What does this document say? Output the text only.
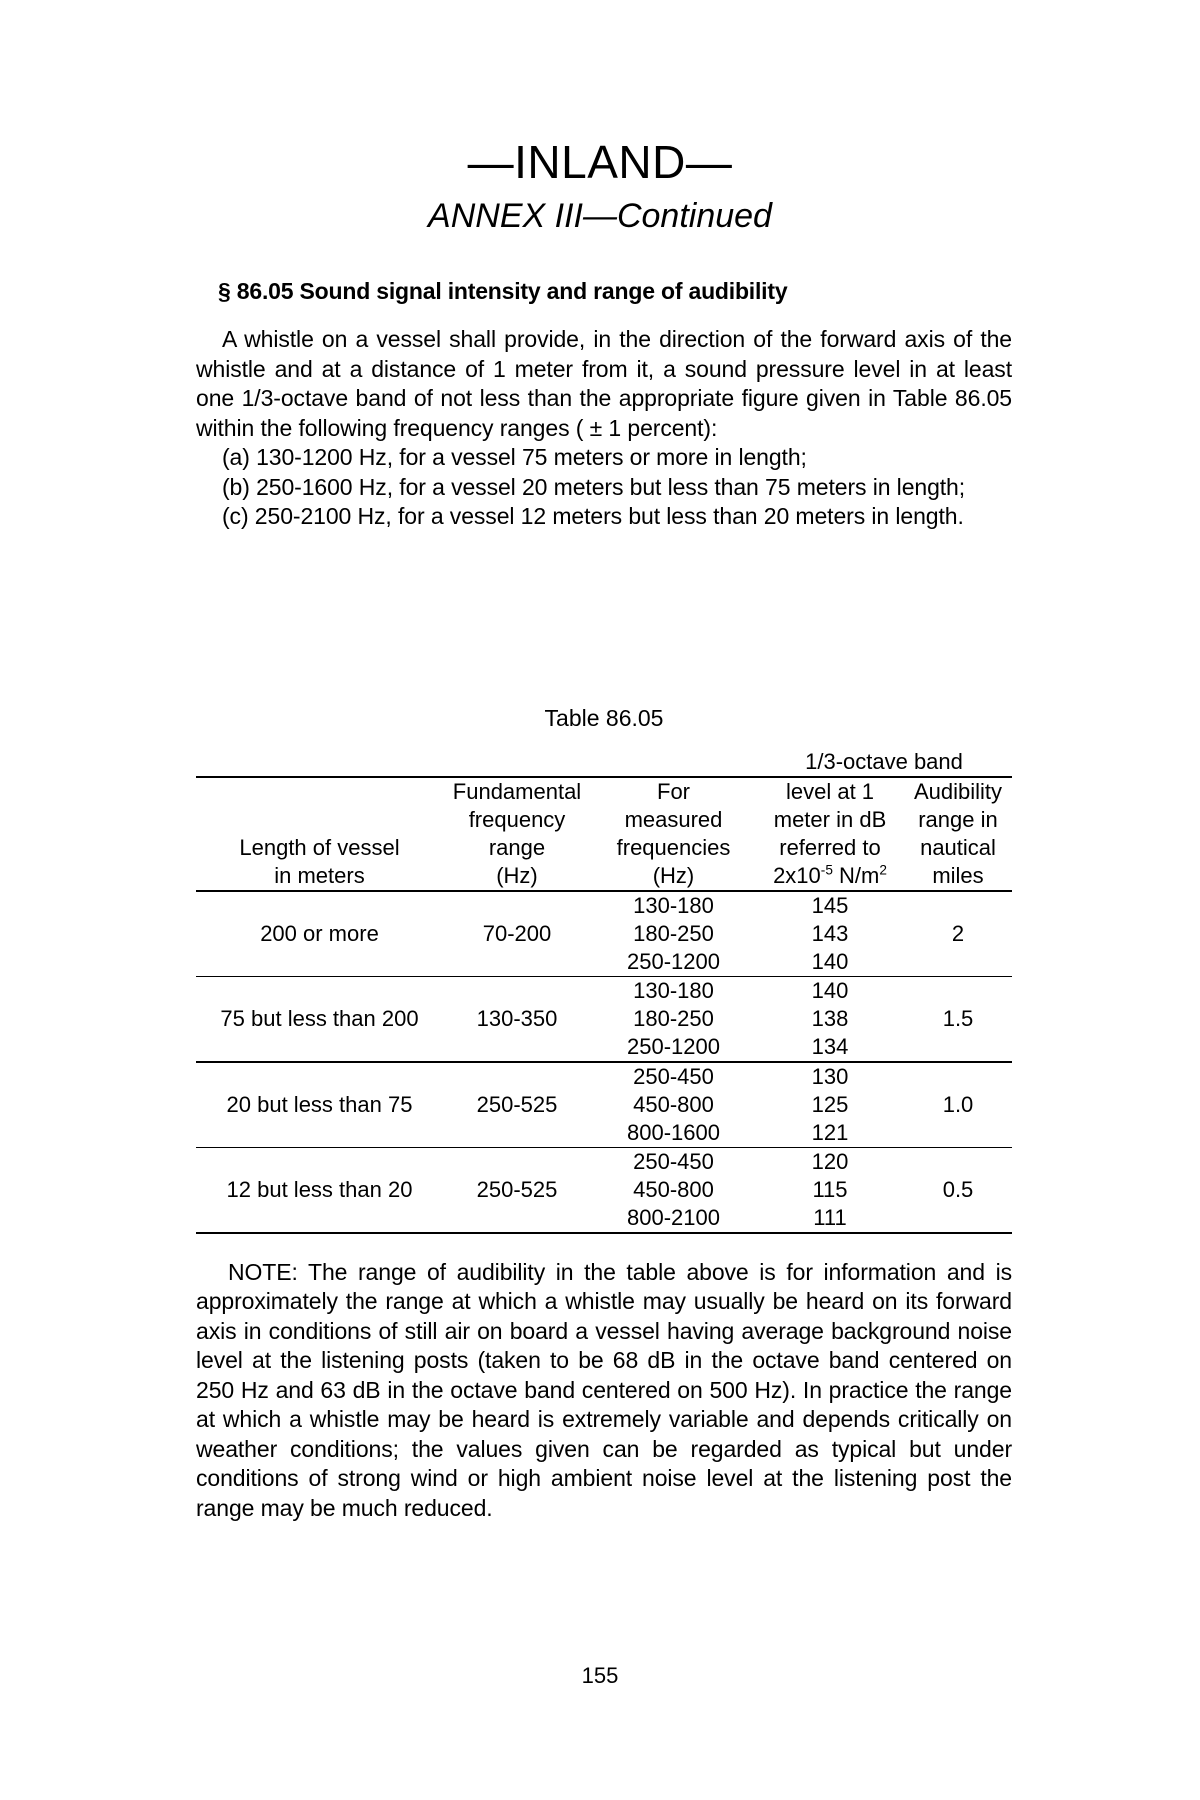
—INLAND—
ANNEX III—Continued
§ 86.05 Sound signal intensity and range of audibility

A whistle on a vessel shall provide, in the direction of the forward axis of the whistle and at a distance of 1 meter from it, a sound pressure level in at least one 1/3-octave band of not less than the appropriate figure given in Table 86.05 within the following frequency ranges ( ± 1 percent):

(a) 130-1200 Hz, for a vessel 75 meters or more in length;

(b) 250-1600 Hz, for a vessel 20 meters but less than 75 meters in length;

(c) 250-2100 Hz, for a vessel 12 meters but less than 20 meters in length.

Table 86.05
			1/3-octave band	

Length of vessel
in meters	Fundamental
frequency
range
(Hz)	For
measured
frequencies
(Hz)	level at 1
meter in dB
referred to
$2x10^{-5}$ $N/m^2$	Audibility
range in
nautical
miles

200 or more	70-200	130-180
180-250
250-1200	145
143
140	2

75 but less than 200	130-350	130-180
180-250
250-1200	140
138
134	1.5

20 but less than 75	250-525	250-450
450-800
800-1600	130
125
121	1.0

12 but less than 20	250-525	250-450
450-800
800-2100	120
115
111	0.5

NOTE: The range of audibility in the table above is for information and is approximately the range at which a whistle may usually be heard on its forward axis in conditions of still air on board a vessel having average background noise level at the listening posts (taken to be 68 dB in the octave band centered on 250 Hz and 63 dB in the octave band centered on 500 Hz). In practice the range at which a whistle may be heard is extremely variable and depends critically on weather conditions; the values given can be regarded as typical but under conditions of strong wind or high ambient noise level at the listening post the range may be much reduced.

155
